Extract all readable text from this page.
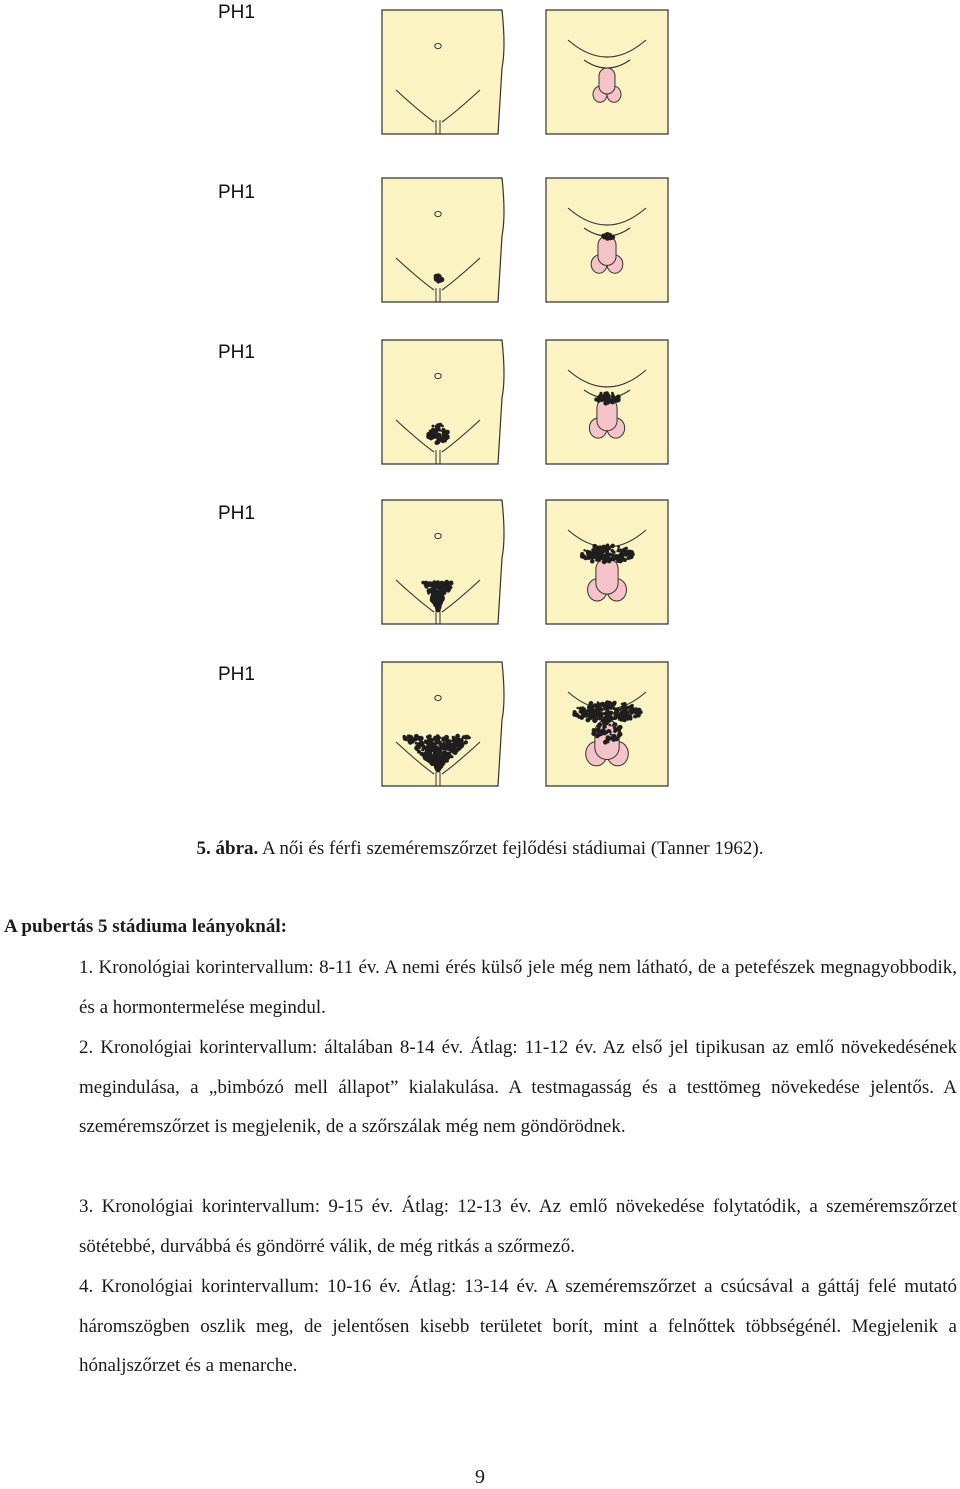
PH1
PH1
PH1
PH1
PH1
5. ábra. A női és férfi szeméremszőrzet fejlődési stádiumai (Tanner 1962).
A pubertás 5 stádiuma leányoknál:
1. Kronológiai korintervallum: 8-11 év. A nemi érés külső jele még nem látható, de a petefészek megnagyobbodik, és a hormontermelése megindul.
2. Kronológiai korintervallum: általában 8-14 év. Átlag: 11-12 év. Az első jel tipikusan az emlő növekedésének megindulása, a „bimbózó mell állapot” kialakulása. A testmagasság és a testtömeg növekedése jelentős. A szeméremszőrzet is megjelenik, de a szőrszálak még nem göndörödnek.
3. Kronológiai korintervallum: 9-15 év. Átlag: 12-13 év. Az emlő növekedése folytatódik, a szeméremszőrzet sötétebbé, durvábbá és göndörré válik, de még ritkás a szőrmező.
4. Kronológiai korintervallum: 10-16 év. Átlag: 13-14 év. A szeméremszőrzet a csúcsával a gáttáj felé mutató háromszögben oszlik meg, de jelentősen kisebb területet borít, mint a felnőttek többségénél. Megjelenik a hónaljszőrzet és a menarche.
9
